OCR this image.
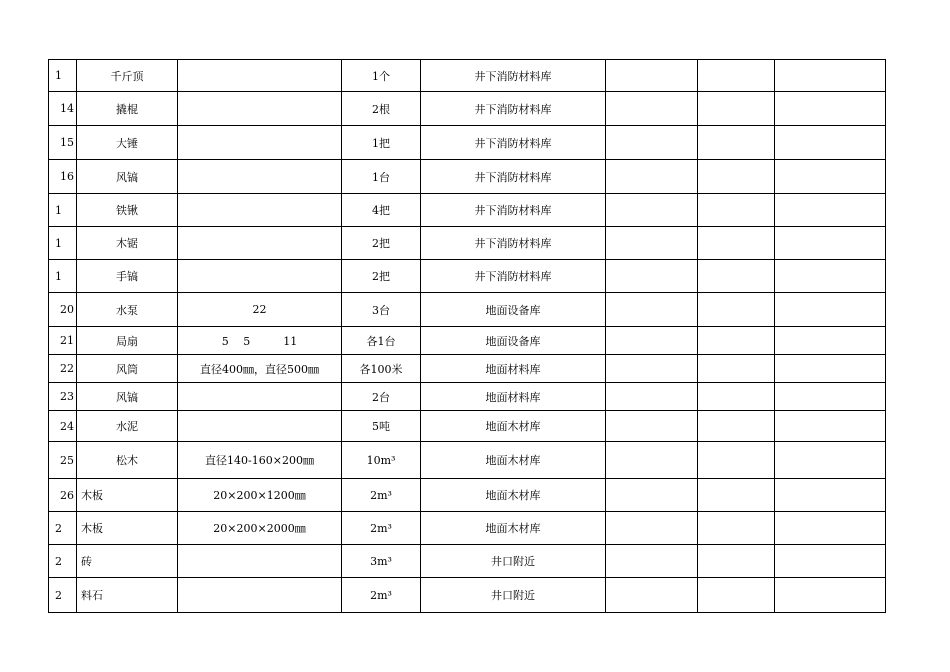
1	千斤顶		1个	井下消防材料库			
14	撬棍		2根	井下消防材料库			
15	大锤		1把	井下消防材料库			
16	风镐		1台	井下消防材料库			
1	铁锹		4把	井下消防材料库			
1	木锯		2把	井下消防材料库			
1	手镐		2把	井下消防材料库			
20	水泵	22	3台	地面设备库			
21	局扇	5　 5　　　11	各1台	地面设备库			
22	风筒	直径400㎜，直径500㎜	各100米	地面材料库			
23	风镐		2台	地面材料库			
24	水泥		5吨	地面木材库			
25	松木	直径140-160×200㎜	10m³	地面木材库			
26	木板	20×200×1200㎜	2m³	地面木材库			
2	木板	20×200×2000㎜	2m³	地面木材库			
2	砖		3m³	井口附近			
2	料石		2m³	井口附近			
